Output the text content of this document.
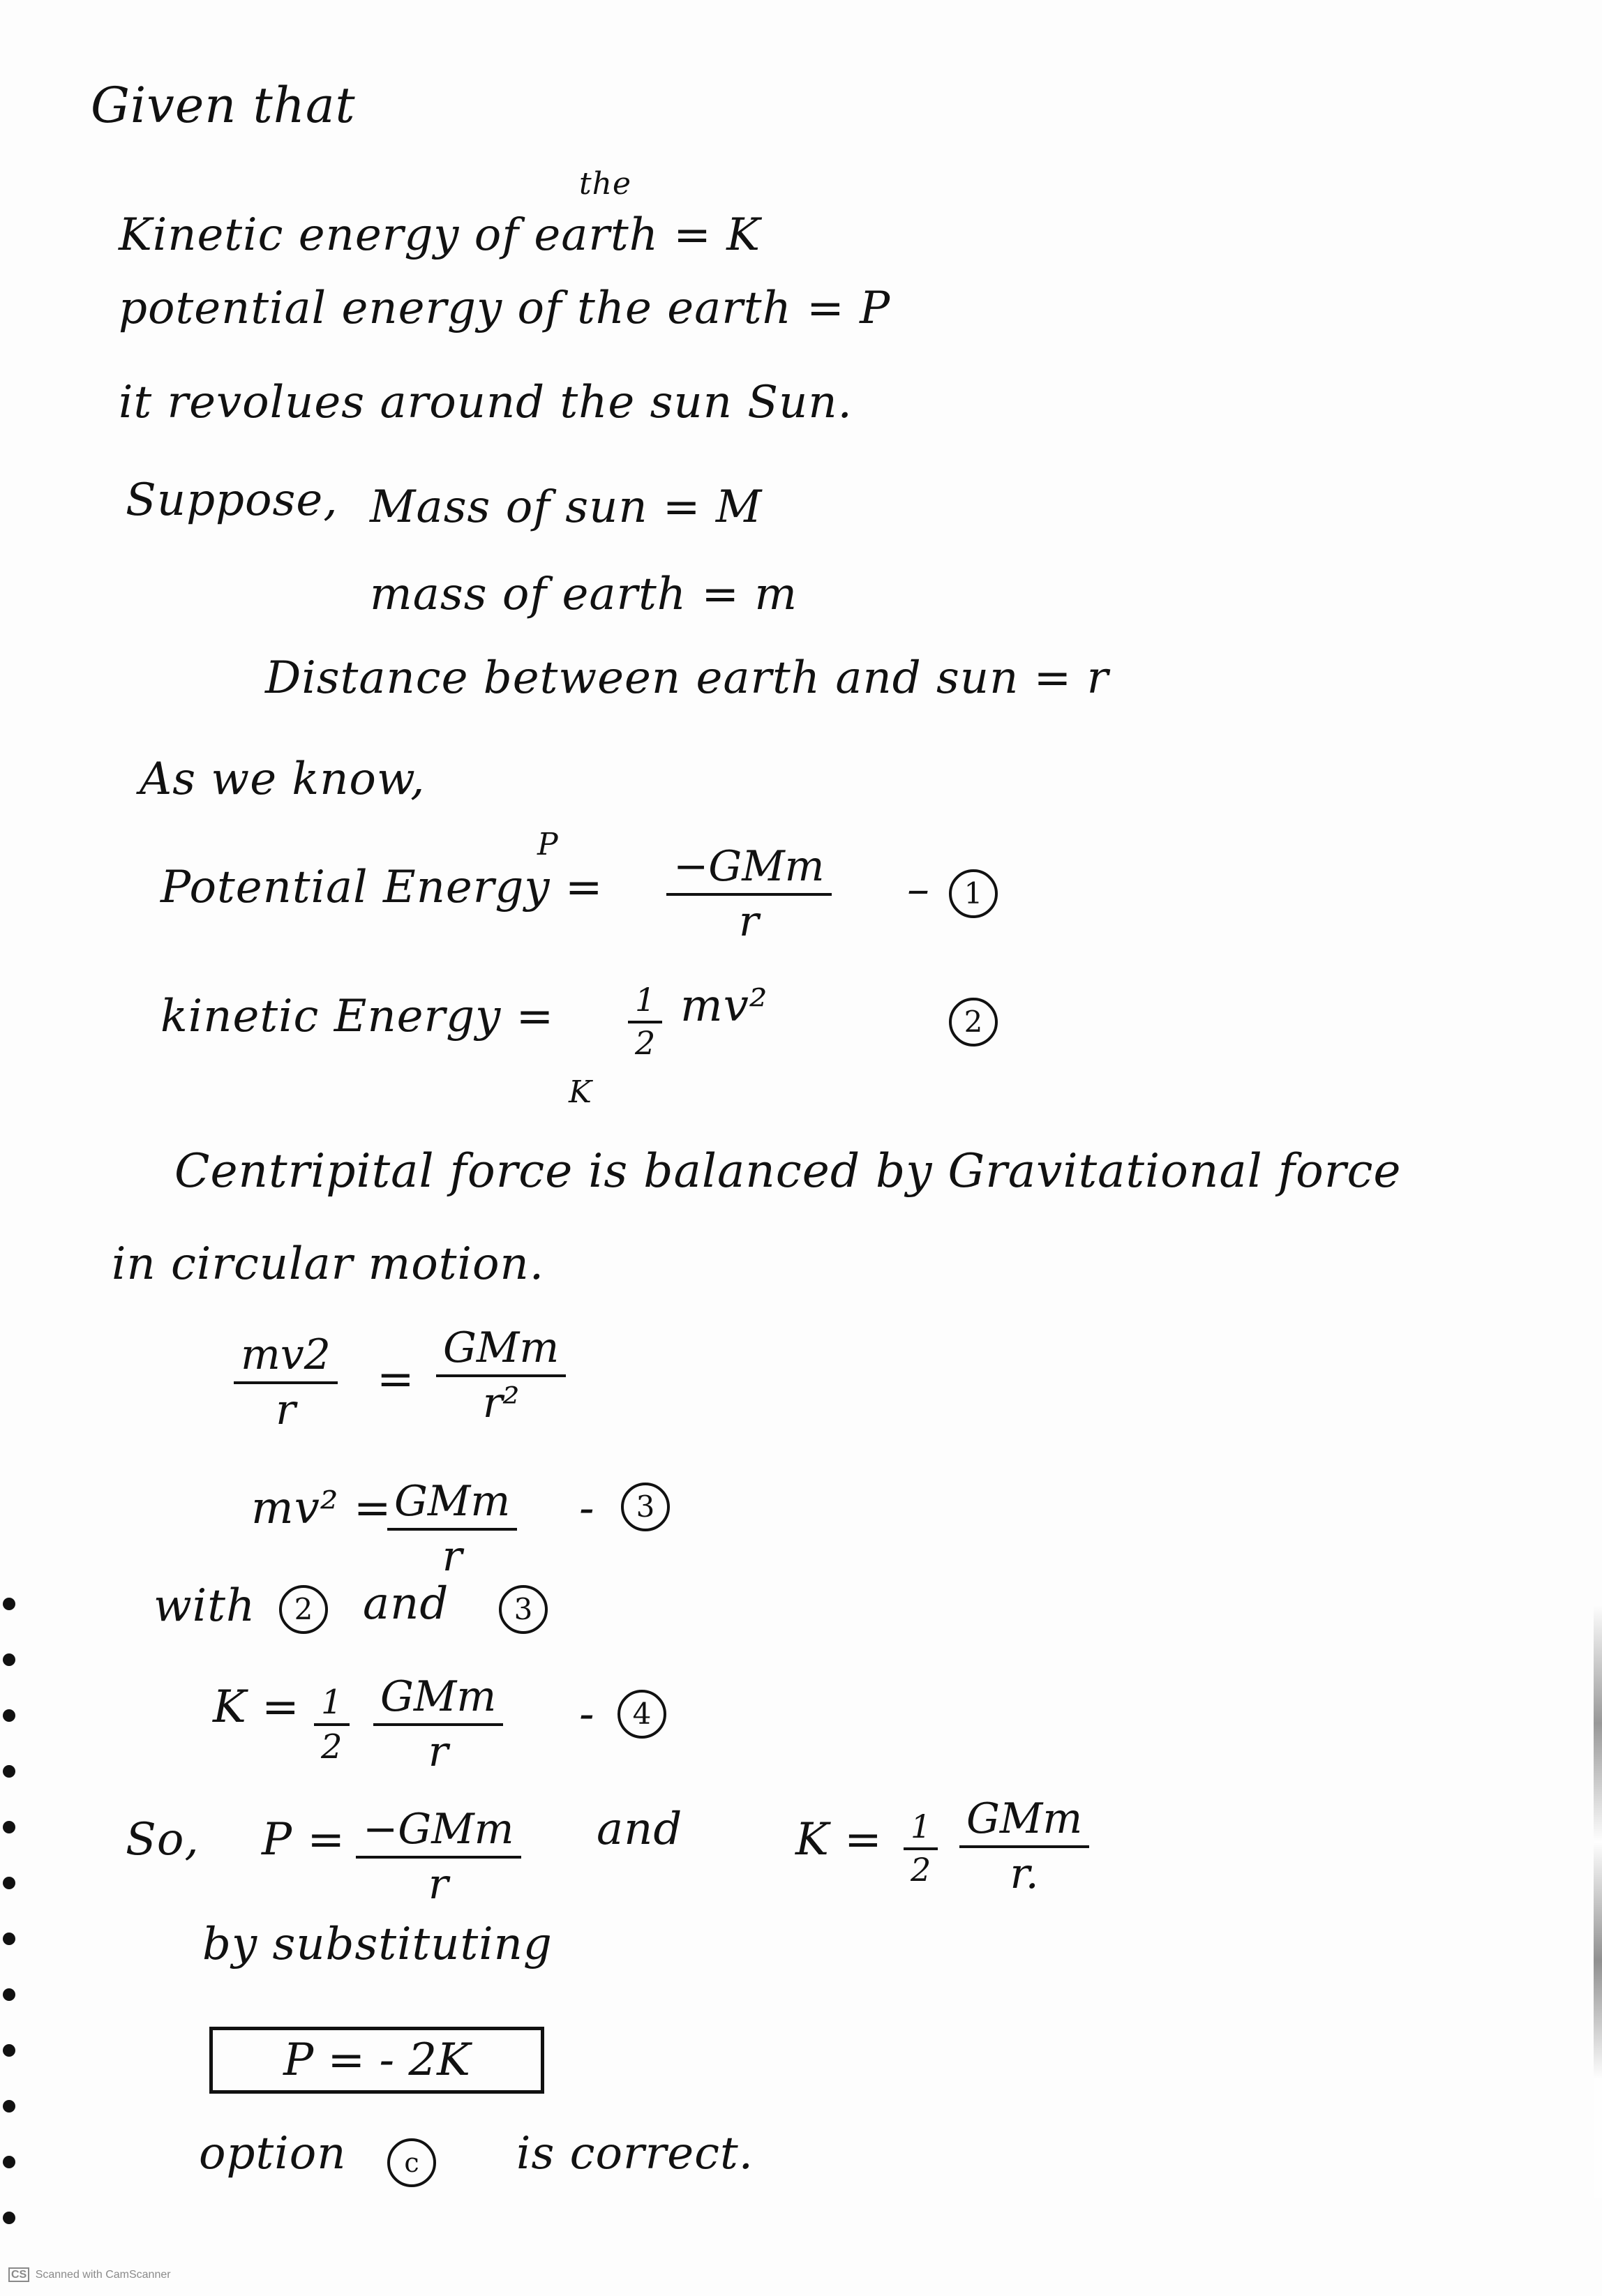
Given that
the
Kinetic energy of earth = K
potential energy of the earth = P
it revolues around the sun Sun.
Suppose, Mass of sun = M
mass of earth = m
Distance between earth and sun = r
As we know,
P
Potential Energy = −GMm
r
–	1
kinetic Energy = $\frac{1}{2} mv^2$
K
2
Centripital force is balanced by Gravitational force
in circular motion.
$\frac{mv2}{r}$ =
GMm
r²
mv² = GMm
r
-	3
with	2	and	3
$K = \frac{1}{2}$ GMm
r
-	4
So, P = −GMm
r
and	$K = \frac{1}{2}$ GMm
r.
by substituting
P = - 2K
option	c	is correct.
CS Scanned with CamScanner
